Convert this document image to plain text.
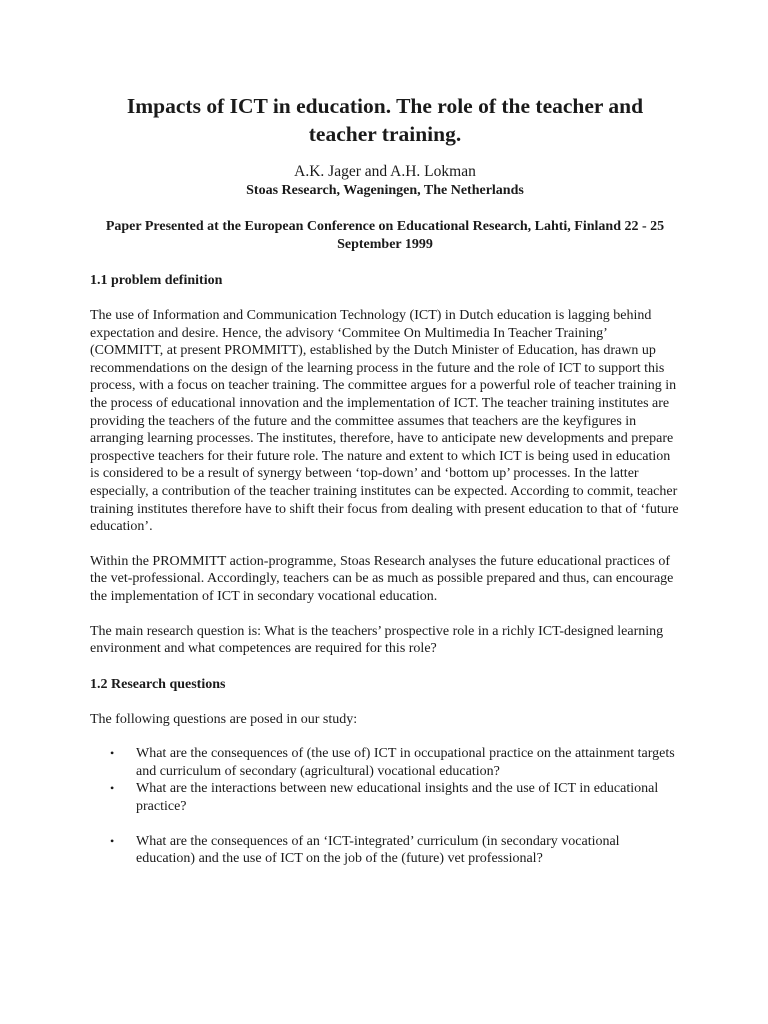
Impacts of ICT in education. The role of the teacher and teacher training.

A.K. Jager and A.H. Lokman

Stoas Research, Wageningen, The Netherlands

Paper Presented at the European Conference on Educational Research, Lahti, Finland 22 - 25 September 1999

1.1 problem definition

The use of Information and Communication Technology (ICT) in Dutch education is lagging behind expectation and desire. Hence, the advisory ‘Commitee On Multimedia In Teacher Training’ (COMMITT, at present PROMMITT), established by the Dutch Minister of Education, has drawn up recommendations on the design of the learning process in the future and the role of ICT to support this process, with a focus on teacher training. The committee argues for a powerful role of teacher training in the process of educational innovation and the implementation of ICT. The teacher training institutes are providing the teachers of the future and the committee assumes that teachers are the keyfigures in arranging learning processes. The institutes, therefore, have to anticipate new developments and prepare prospective teachers for their future role. The nature and extent to which ICT is being used in education is considered to be a result of synergy between ‘top-down’ and ‘bottom up’ processes. In the latter especially, a contribution of the teacher training institutes can be expected. According to commit, teacher training institutes therefore have to shift their focus from dealing with present education to that of ‘future education’.

Within the PROMMITT action-programme, Stoas Research analyses the future educational practices of the vet-professional. Accordingly, teachers can be as much as possible prepared and thus, can encourage the implementation of ICT in secondary vocational education.

The main research question is: What is the teachers’ prospective role in a richly ICT-designed learning environment and what competences are required for this role?

1.2 Research questions

The following questions are posed in our study:

• What are the consequences of (the use of) ICT in occupational practice on the attainment targets and curriculum of secondary (agricultural) vocational education?
• What are the interactions between new educational insights and the use of ICT in educational practice?
• What are the consequences of an ‘ICT-integrated’ curriculum (in secondary vocational education) and the use of ICT on the job of the (future) vet professional?
